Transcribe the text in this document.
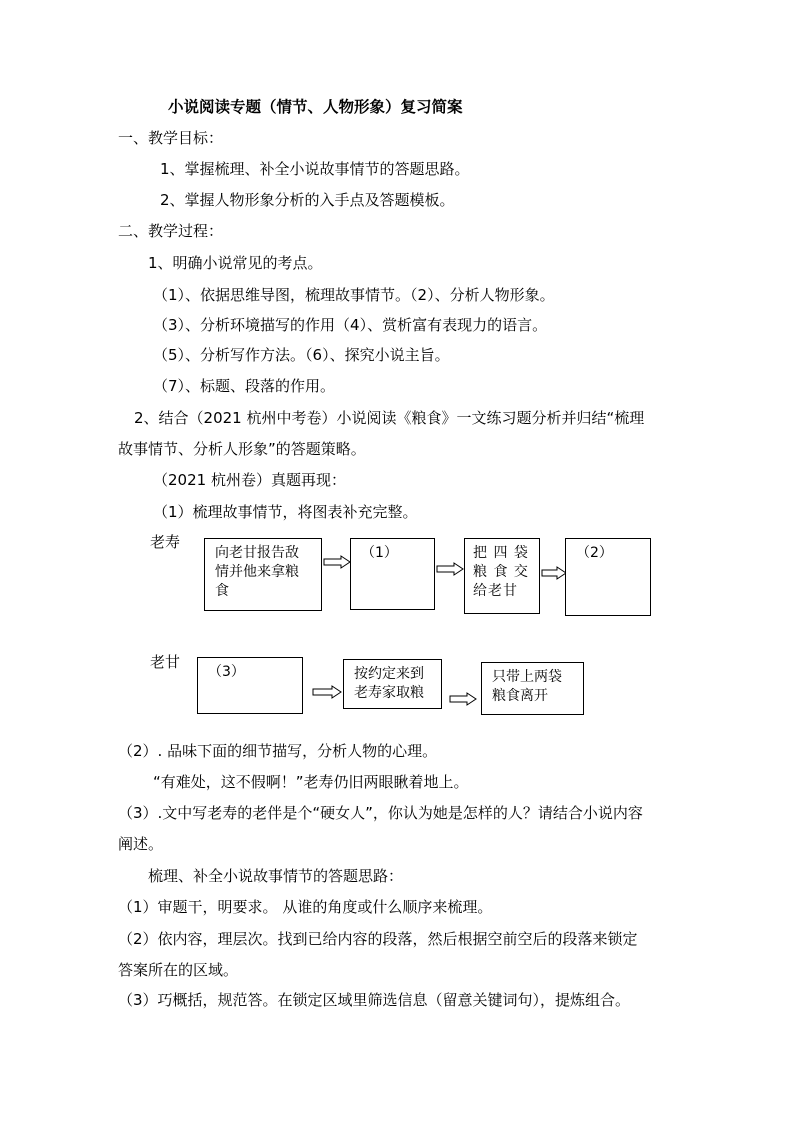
小说阅读专题（情节、人物形象）复习简案
一、教学目标：
1、掌握梳理、补全小说故事情节的答题思路。
2、掌握人物形象分析的入手点及答题模板。
二、教学过程：
1、明确小说常见的考点。
（1）、依据思维导图，梳理故事情节。（2）、分析人物形象。
（3）、分析环境描写的作用（4）、赏析富有表现力的语言。
（5）、分析写作方法。（6）、探究小说主旨。
（7）、标题、段落的作用。
2、结合（2021 杭州中考卷）小说阅读《粮食》一文练习题分析并归结“梳理
故事情节、分析人形象”的答题策略。
（2021 杭州卷）真题再现：
（1）梳理故事情节，将图表补充完整。
老寿
向老甘报告敌情并他来拿粮食
（1）	把 四 袋 粮 食 交 给老甘
（2）
老甘
（3）	按约定来到老寿家取粮
只带上两袋粮食离开
（2）. 品味下面的细节描写，分析人物的心理。
“有难处，这不假啊！”老寿仍旧两眼瞅着地上。
（3）.文中写老寿的老伴是个“硬女人”，你认为她是怎样的人？请结合小说内容
阐述。
梳理、补全小说故事情节的答题思路：
（1）审题干，明要求。 从谁的角度或什么顺序来梳理。
（2）依内容，理层次。找到已给内容的段落，然后根据空前空后的段落来锁定
答案所在的区域。
（3）巧概括，规范答。在锁定区域里筛选信息（留意关键词句），提炼组合。
